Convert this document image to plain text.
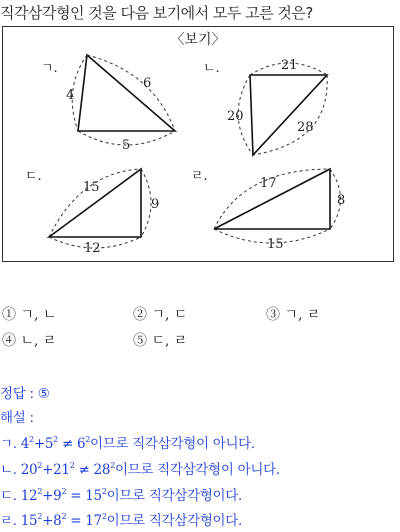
직각삼각형인 것을 다음 보기에서 모두 고른 것은?
〈보기〉
ㄱ.
4
6
5
ㄴ.	21
20
28
ㄷ.
15
9
12
ㄹ.	17
8
15
① ㄱ, ㄴ	② ㄱ, ㄷ	③ ㄱ, ㄹ
④ ㄴ, ㄹ	⑤ ㄷ, ㄹ
정답 : ⑤
해설 :
ㄱ. $4^2+5^2 \ne 6^2$이므로 직각삼각형이 아니다.
ㄴ. $20^2+21^2 \ne 28^2$이므로 직각삼각형이 아니다.
ㄷ. $12^2+9^2 = 15^2$이므로 직각삼각형이다.
ㄹ. $15^2+8^2 = 17^2$이므로 직각삼각형이다.
